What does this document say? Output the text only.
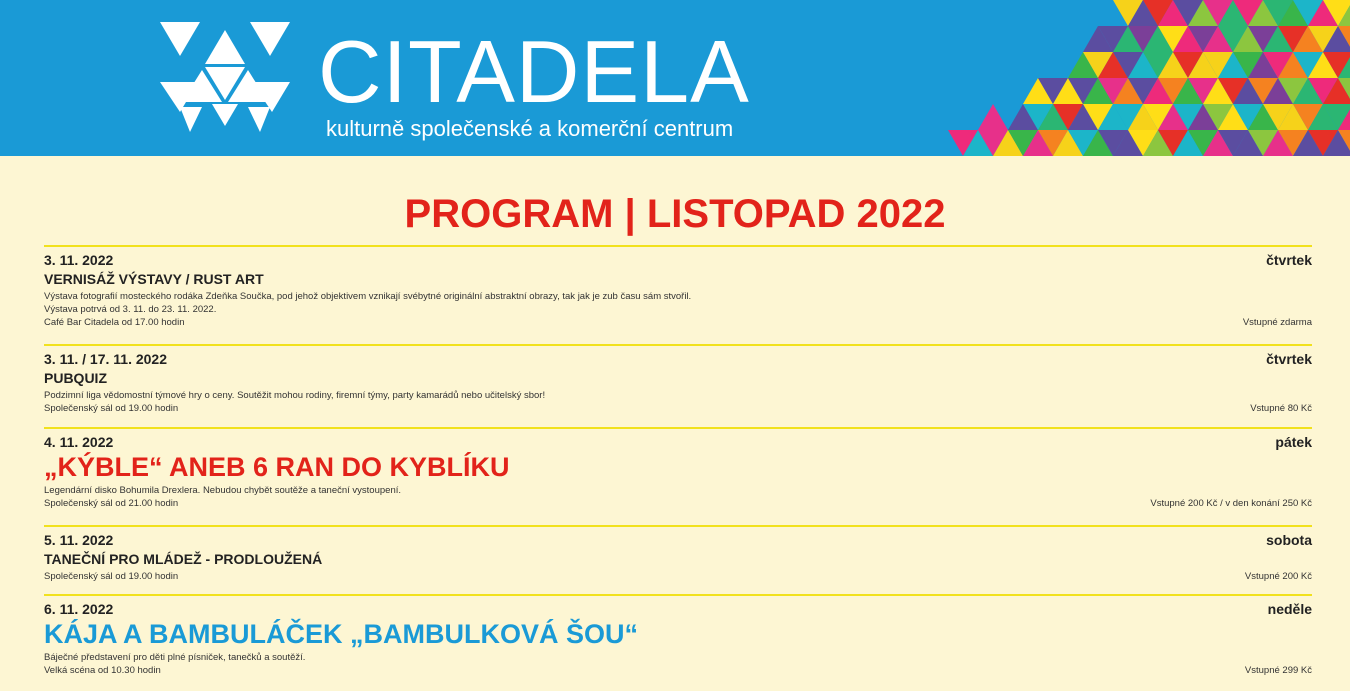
CITADELA
kulturně společenské a komerční centrum
PROGRAM | LISTOPAD 2022
3. 11. 2022	čtvrtek
VERNISÁŽ VÝSTAVY / RUST ART
Výstava fotografií mosteckého rodáka Zdeňka Součka, pod jehož objektivem vznikají svébytné originální abstraktní obrazy, tak jak je zub času sám stvořil.
Výstava potrvá od 3. 11. do 23. 11. 2022.
Café Bar Citadela od 17.00 hodin	Vstupné zdarma
3. 11. / 17. 11. 2022	čtvrtek
PUBQUIZ
Podzimní liga vědomostní týmové hry o ceny. Soutěžit mohou rodiny, firemní týmy, party kamarádů nebo učitelský sbor!
Společenský sál od 19.00 hodin	Vstupné 80 Kč
4. 11. 2022	pátek
„KÝBLE“ ANEB 6 RAN DO KYBLÍKU
Legendární disko Bohumila Drexlera. Nebudou chybět soutěže a taneční vystoupení.
Společenský sál od 21.00 hodin	Vstupné 200 Kč / v den konání 250 Kč
5. 11. 2022	sobota
TANEČNÍ PRO MLÁDEŽ - PRODLOUŽENÁ
Společenský sál od 19.00 hodin	Vstupné 200 Kč
6. 11. 2022	neděle
KÁJA A BAMBULÁČEK „BAMBULKOVÁ ŠOU“
Báječné představení pro děti plné písniček, tanečků a soutěží.
Velká scéna od 10.30 hodin	Vstupné 299 Kč
